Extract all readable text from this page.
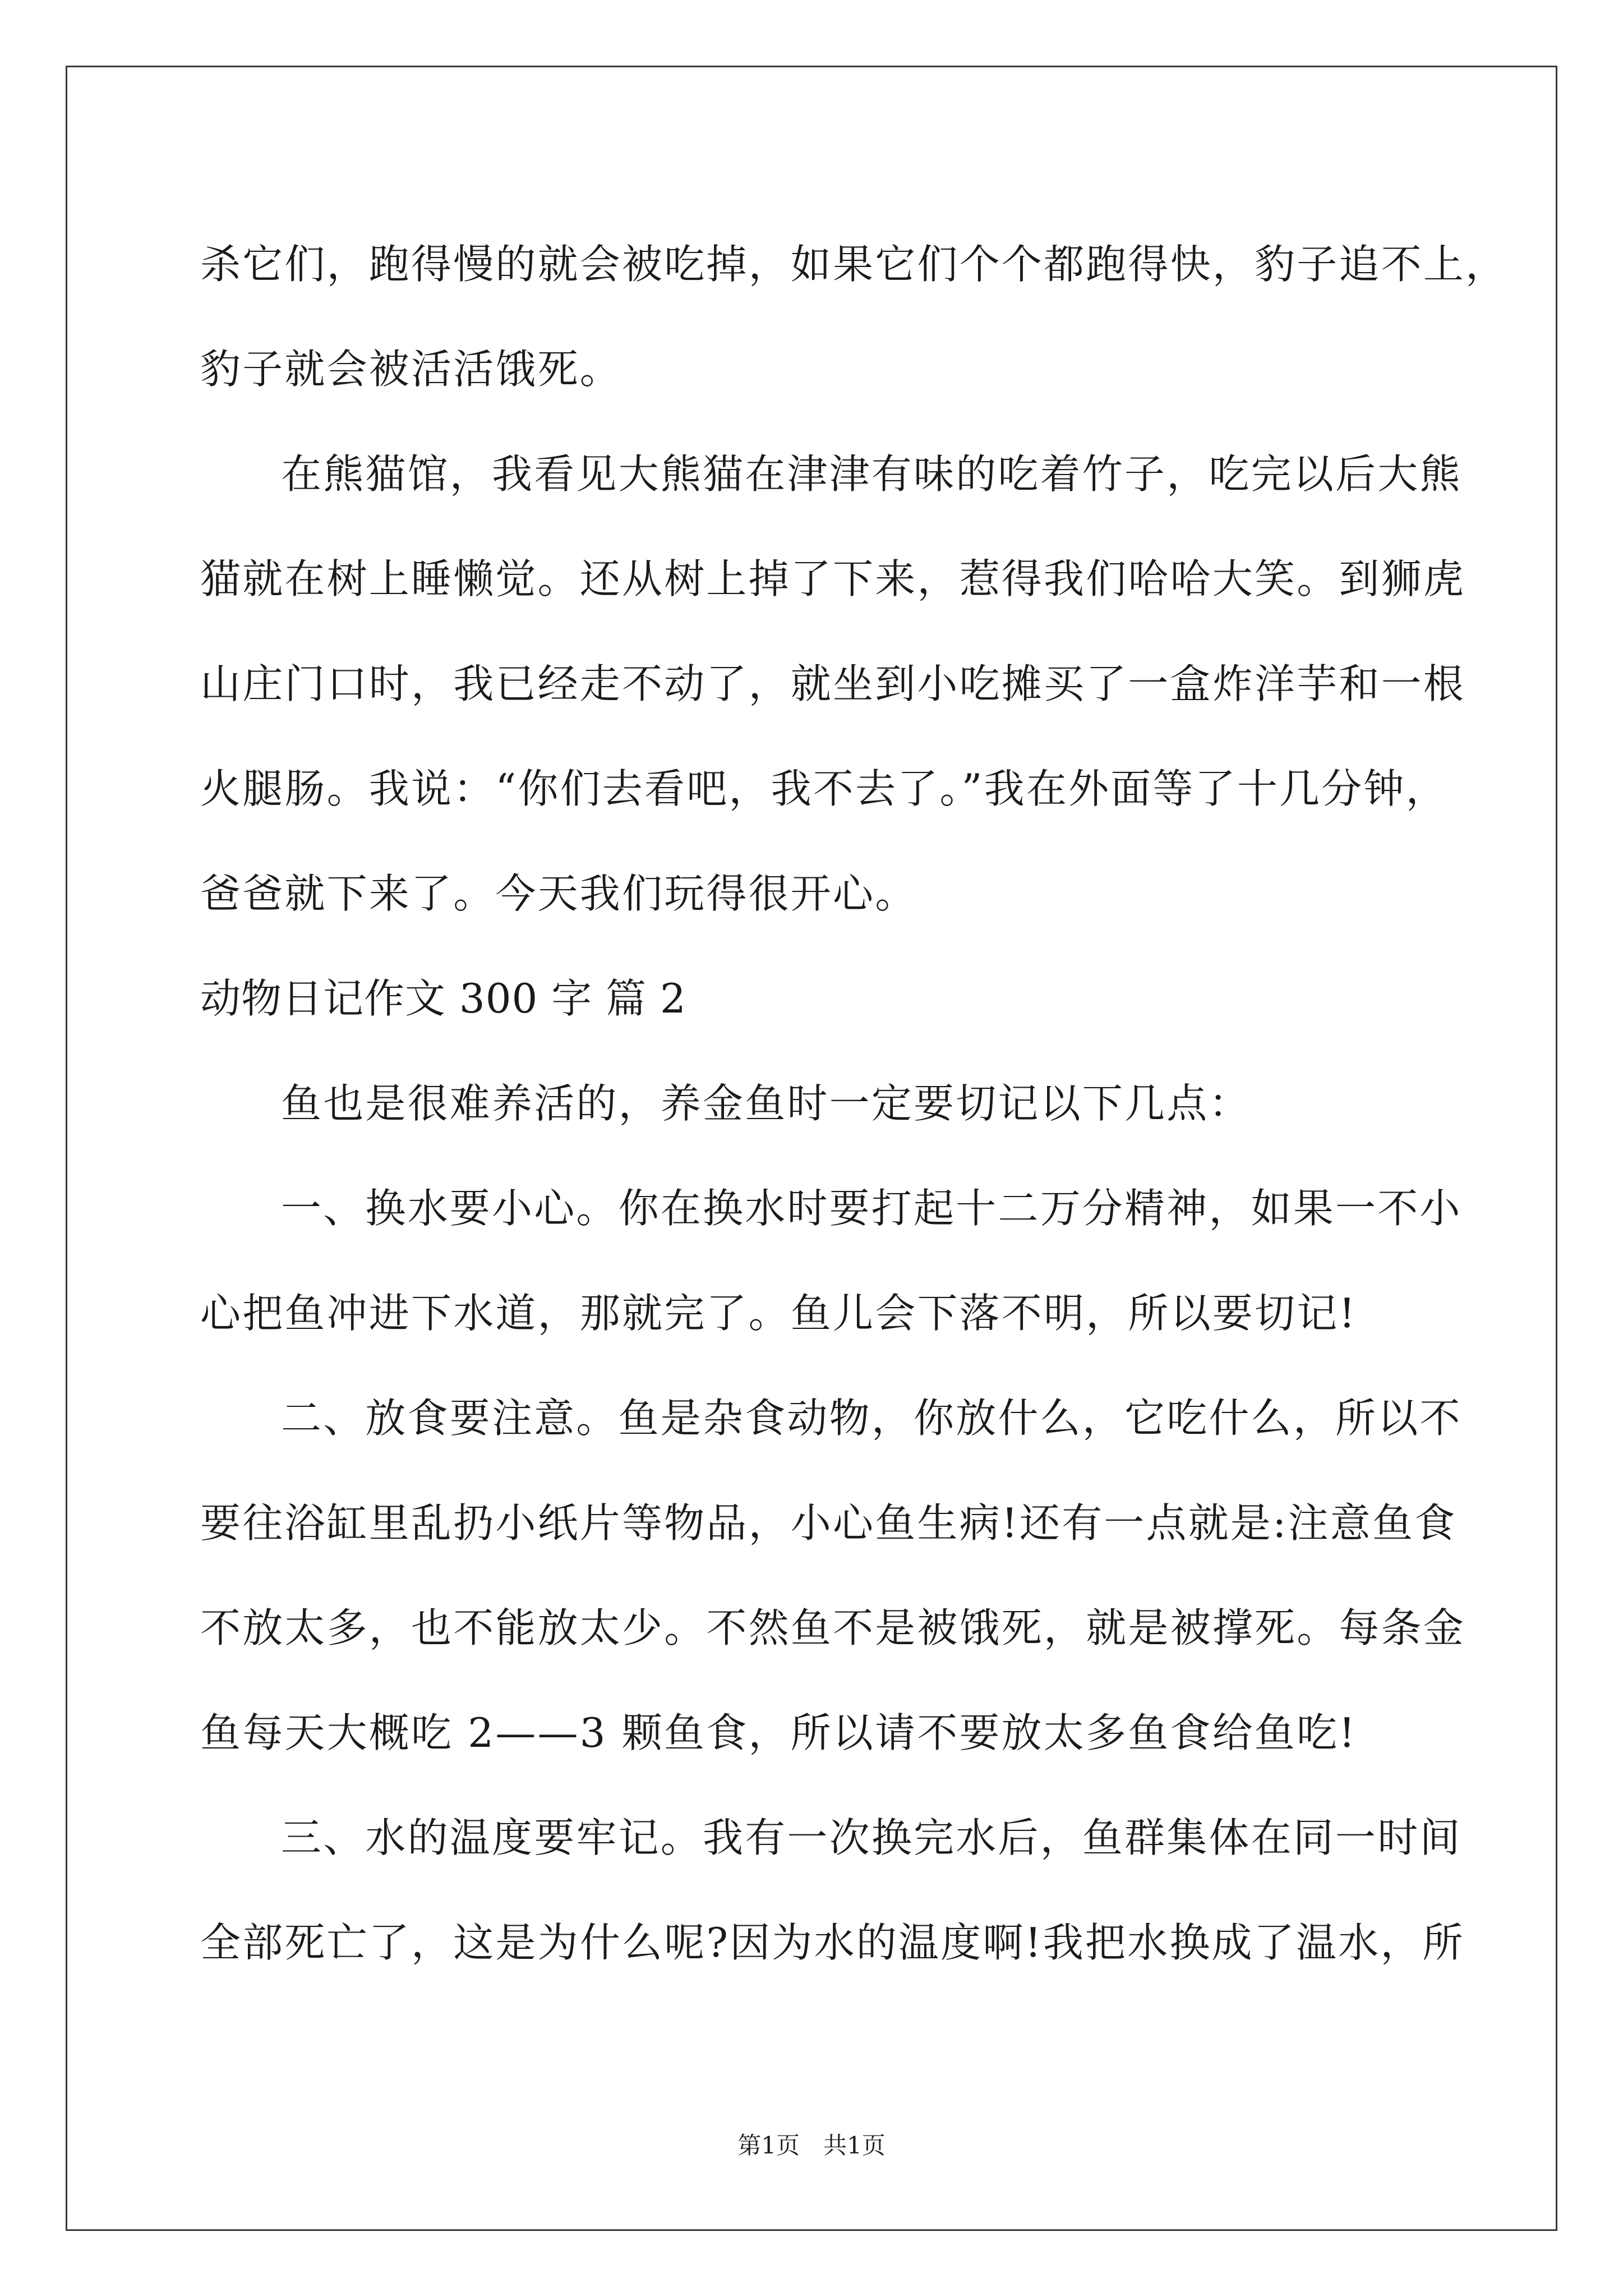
杀它们，跑得慢的就会被吃掉，如果它们个个都跑得快，豹子追不上，
豹子就会被活活饿死。
在熊猫馆，我看见大熊猫在津津有味的吃着竹子，吃完以后大熊
猫就在树上睡懒觉。还从树上掉了下来，惹得我们哈哈大笑。到狮虎
山庄门口时，我已经走不动了，就坐到小吃摊买了一盒炸洋芋和一根
火腿肠。我说：“你们去看吧，我不去了。”我在外面等了十几分钟，
爸爸就下来了。今天我们玩得很开心。
动物日记作文 300 字 篇 2
鱼也是很难养活的，养金鱼时一定要切记以下几点：
一、换水要小心。你在换水时要打起十二万分精神，如果一不小
心把鱼冲进下水道，那就完了。鱼儿会下落不明，所以要切记!
二、放食要注意。鱼是杂食动物，你放什么，它吃什么，所以不
要往浴缸里乱扔小纸片等物品，小心鱼生病!还有一点就是:注意鱼食
不放太多，也不能放太少。不然鱼不是被饿死，就是被撑死。每条金
鱼每天大概吃 2——3 颗鱼食，所以请不要放太多鱼食给鱼吃!
三、水的温度要牢记。我有一次换完水后，鱼群集体在同一时间
全部死亡了，这是为什么呢?因为水的温度啊!我把水换成了温水，所
第1页　共1页
